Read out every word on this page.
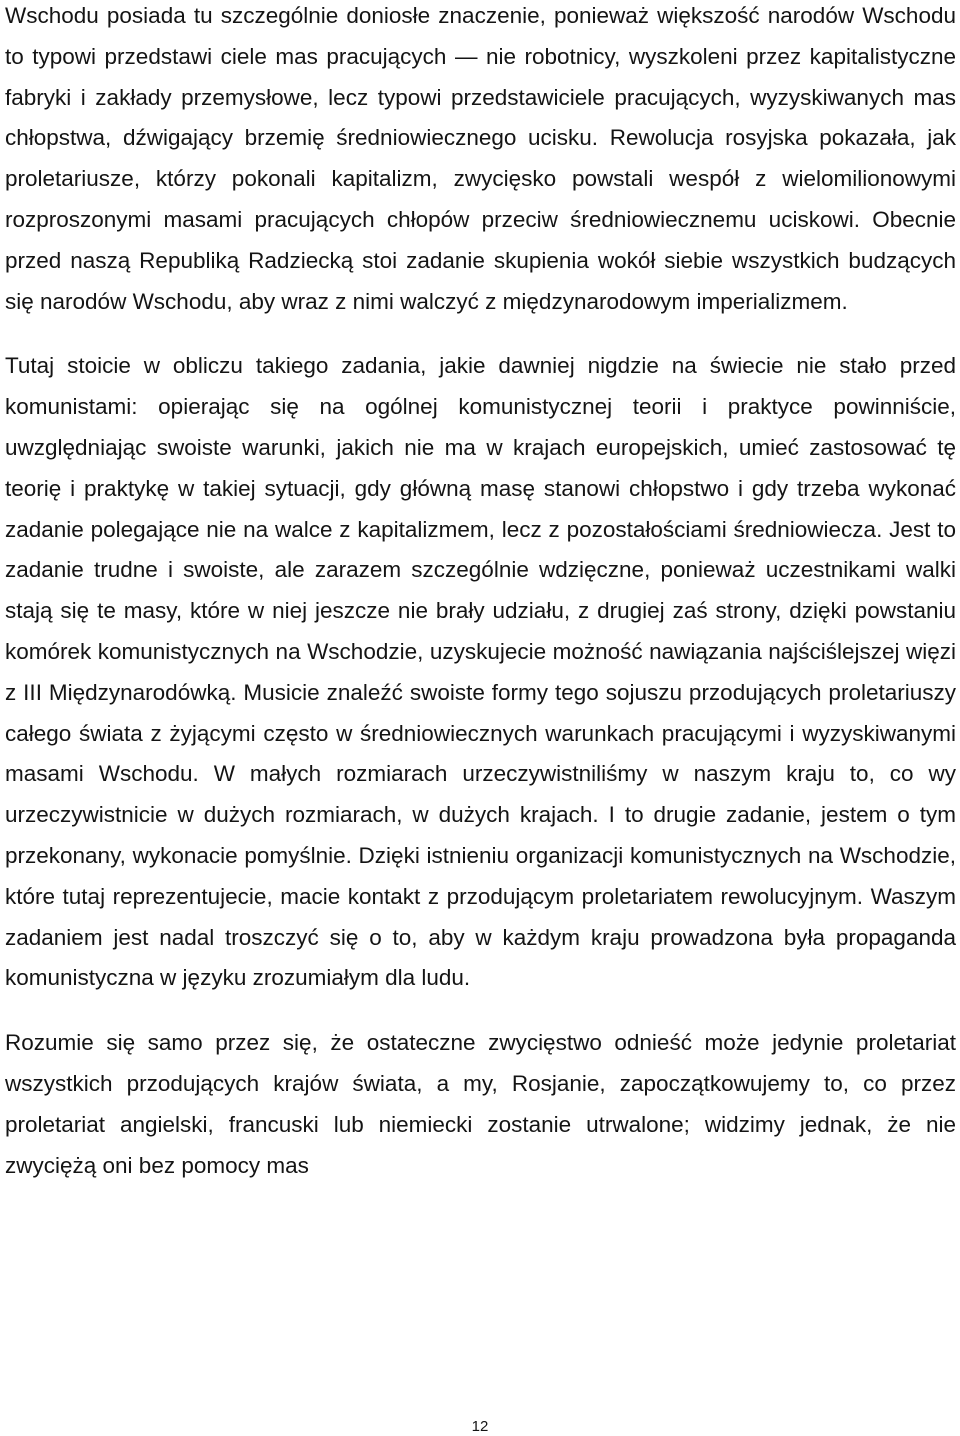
Wschodu posiada tu szczególnie doniosłe znaczenie, ponieważ większość narodów Wschodu to typowi przedstawi ciele mas pracujących — nie robotnicy, wyszkoleni przez kapitalistyczne fabryki i zakłady przemysłowe, lecz typowi przedstawiciele pracujących, wyzyskiwanych mas chłopstwa, dźwigający brzemię średniowiecznego ucisku. Rewolucja rosyjska pokazała, jak proletariusze, którzy pokonali kapitalizm, zwycięsko powstali wespół z wielomilionowymi rozproszonymi masami pracujących chłopów przeciw średniowiecznemu uciskowi. Obecnie przed naszą Republiką Radziecką stoi zadanie skupienia wokół siebie wszystkich budzących się narodów Wschodu, aby wraz z nimi walczyć z międzynarodowym imperializmem.

Tutaj stoicie w obliczu takiego zadania, jakie dawniej nigdzie na świecie nie stało przed komunistami: opierając się na ogólnej komunistycznej teorii i praktyce powinniście, uwzględniając swoiste warunki, jakich nie ma w krajach europejskich, umieć zastosować tę teorię i praktykę w takiej sytuacji, gdy główną masę stanowi chłopstwo i gdy trzeba wykonać zadanie polegające nie na walce z kapitalizmem, lecz z pozostałościami średniowiecza. Jest to zadanie trudne i swoiste, ale zarazem szczególnie wdzięczne, ponieważ uczestnikami walki stają się te masy, które w niej jeszcze nie brały udziału, z drugiej zaś strony, dzięki powstaniu komórek komunistycznych na Wschodzie, uzyskujecie możność nawiązania najściślejszej więzi z III Międzynarodówką. Musicie znaleźć swoiste formy tego sojuszu przodujących proletariuszy całego świata z żyjącymi często w średniowiecznych warunkach pracującymi i wyzyskiwanymi masami Wschodu. W małych rozmiarach urzeczywistniliśmy w naszym kraju to, co wy urzeczywistnicie w dużych rozmiarach, w dużych krajach. I to drugie zadanie, jestem o tym przekonany, wykonacie pomyślnie. Dzięki istnieniu organizacji komunistycznych na Wschodzie, które tutaj reprezentujecie, macie kontakt z przodującym proletariatem rewolucyjnym. Waszym zadaniem jest nadal troszczyć się o to, aby w każdym kraju prowadzona była propaganda komunistyczna w języku zrozumiałym dla ludu.

Rozumie się samo przez się, że ostateczne zwycięstwo odnieść może jedynie proletariat wszystkich przodujących krajów świata, a my, Rosjanie, zapoczątkowujemy to, co przez proletariat angielski, francuski lub niemiecki zostanie utrwalone; widzimy jednak, że nie zwyciężą oni bez pomocy mas

12
